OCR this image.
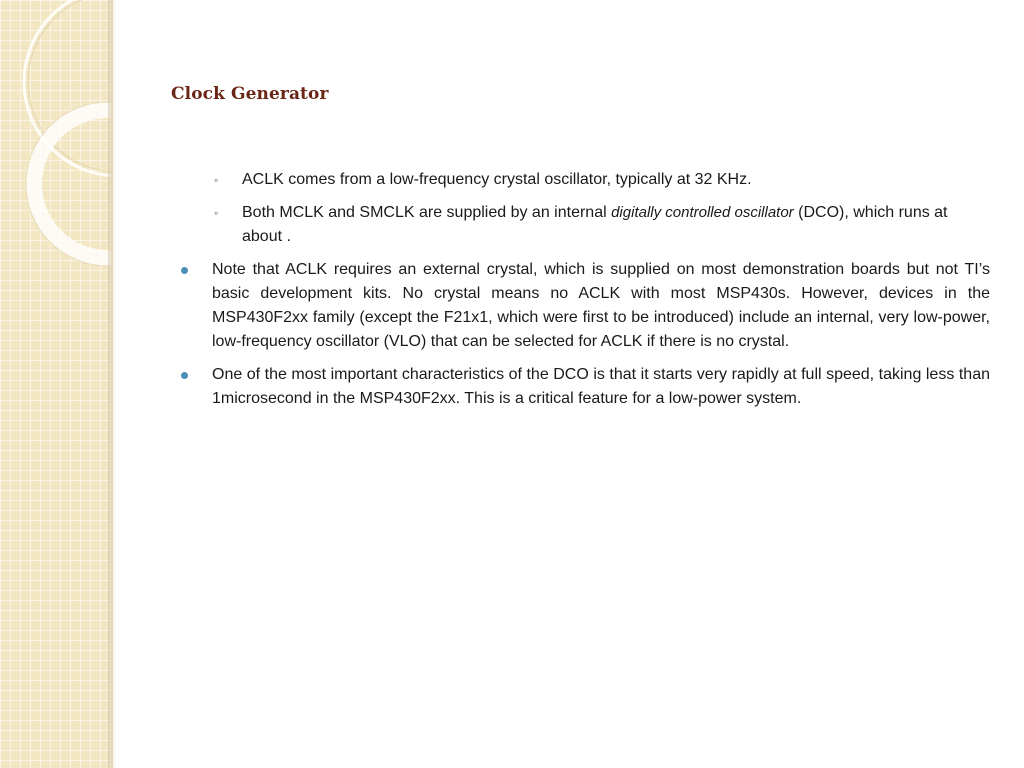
Clock Generator
◦ ACLK comes from a low-frequency crystal oscillator, typically at 32 KHz.
◦ Both MCLK and SMCLK are supplied by an internal digitally controlled oscillator (DCO), which runs at about .
Note that ACLK requires an external crystal, which is supplied on most demonstration boards but not TI’s basic development kits. No crystal means no ACLK with most MSP430s. However, devices in the MSP430F2xx family (except the F21x1, which were first to be introduced) include an internal, very low-power, low-frequency oscillator (VLO) that can be selected for ACLK if there is no crystal.
One of the most important characteristics of the DCO is that it starts very rapidly at full speed, taking less than 1microsecond in the MSP430F2xx. This is a critical feature for a low-power system.
